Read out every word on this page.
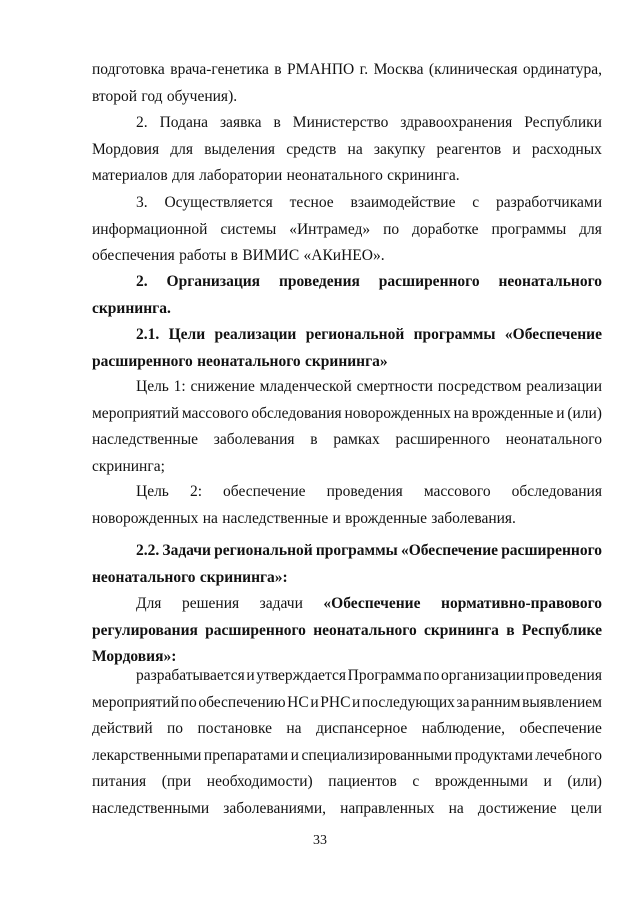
подготовка врача-генетика в РМАНПО г. Москва (клиническая ординатура,
второй год обучения).
2. Подана заявка в Министерство здравоохранения Республики
Мордовия для выделения средств на закупку реагентов и расходных
материалов для лаборатории неонатального скрининга.
3. Осуществляется тесное взаимодействие с разработчиками
информационной системы «Интрамед» по доработке программы для
обеспечения работы в ВИМИС «АКиНЕО».
2. Организация проведения расширенного неонатального
скрининга.
2.1. Цели реализации региональной программы «Обеспечение
расширенного неонатального скрининга»
Цель 1: снижение младенческой смертности посредством реализации
мероприятий массового обследования новорожденных на врожденные и (или)
наследственные заболевания в рамках расширенного неонатального
скрининга;
Цель 2: обеспечение проведения массового обследования
новорожденных на наследственные и врожденные заболевания.
2.2. Задачи региональной программы «Обеспечение расширенного
неонатального скрининга»:
Для решения задачи «Обеспечение нормативно-правового
регулирования расширенного неонатального скрининга в Республике
Мордовия»:
разрабатывается и утверждается Программа по организации проведения
мероприятий по обеспечению НС и РНС и последующих за ранним выявлением
действий по постановке на диспансерное наблюдение, обеспечение
лекарственными препаратами и специализированными продуктами лечебного
питания (при необходимости) пациентов с врожденными и (или)
наследственными заболеваниями, направленных на достижение цели
33
